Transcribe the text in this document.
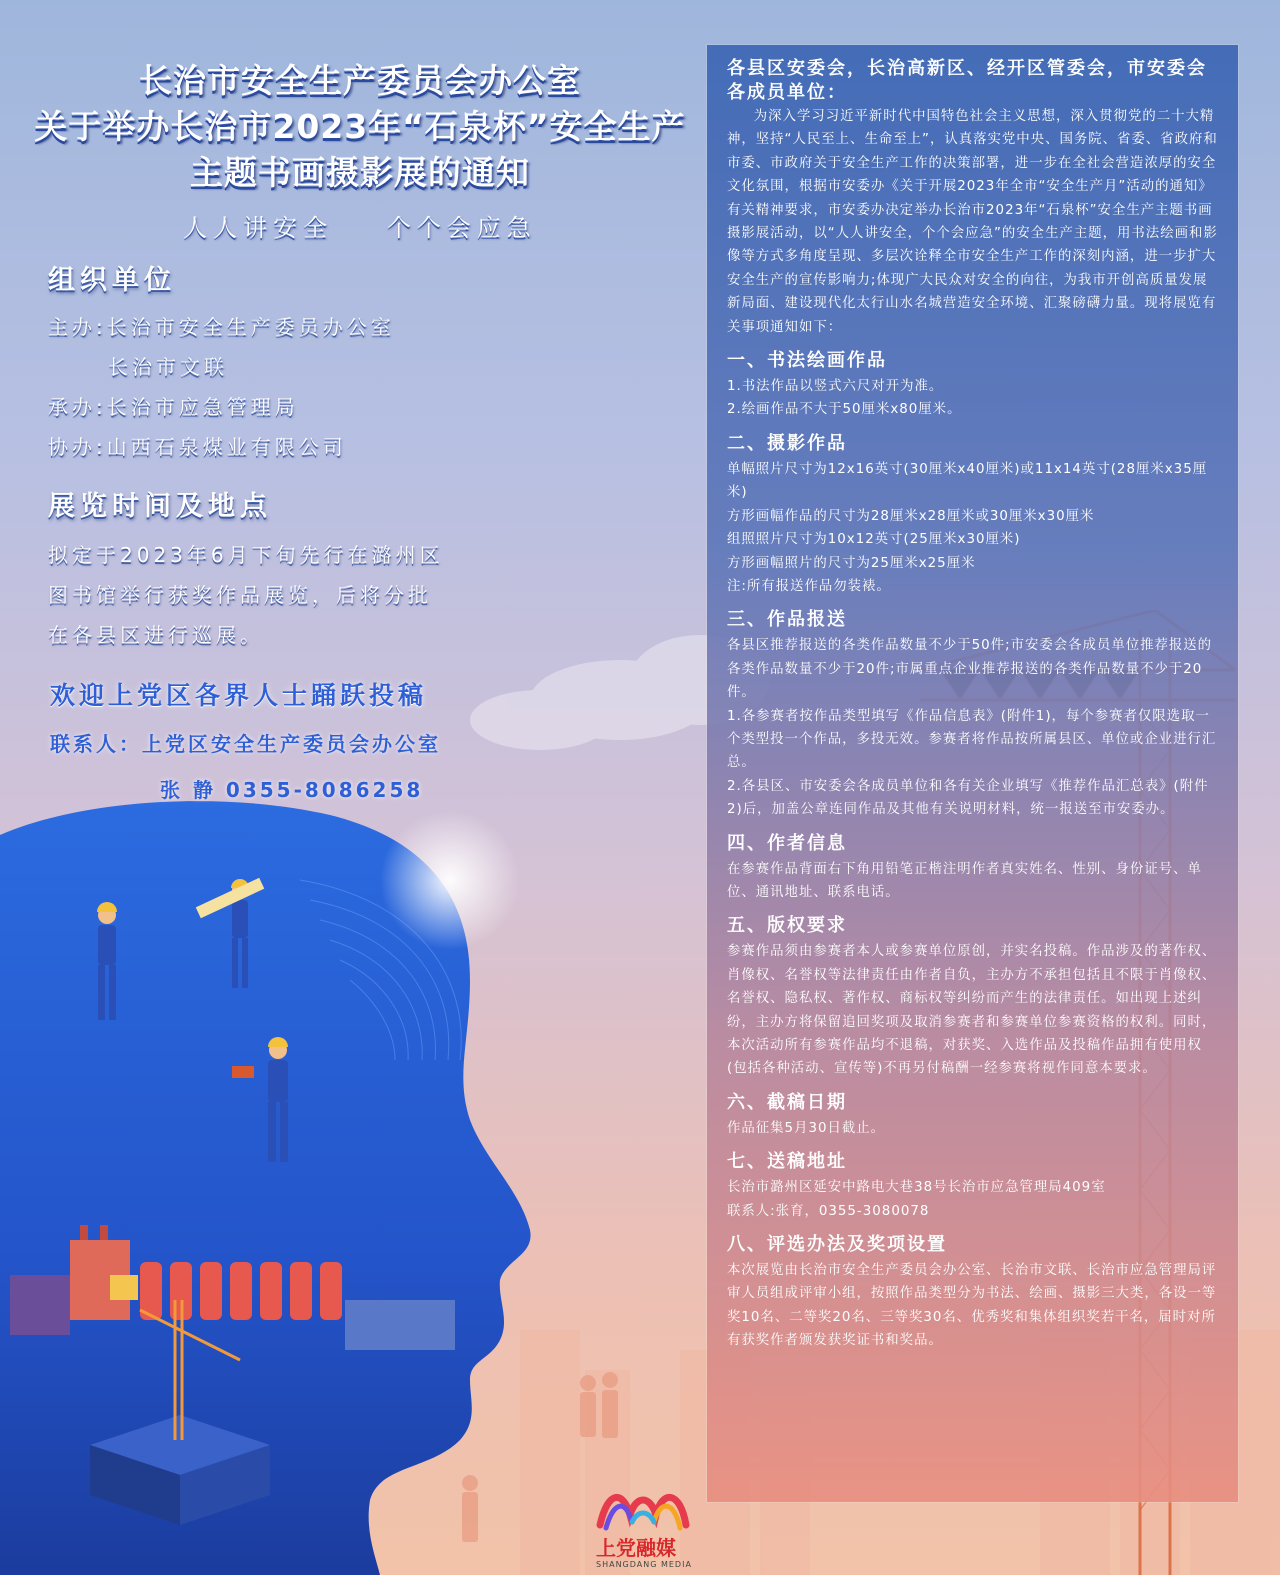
长治市安全生产委员会办公室
关于举办长治市2023年“石泉杯”安全生产
主题书画摄影展的通知
人人讲安全 个个会应急
组织单位
主办:长治市安全生产委员办公室
长治市文联
承办:长治市应急管理局
协办:山西石泉煤业有限公司
展览时间及地点
拟定于2023年6月下旬先行在潞州区
图书馆举行获奖作品展览，后将分批
在各县区进行巡展。
欢迎上党区各界人士踊跃投稿
联系人：上党区安全生产委员会办公室
张 静 0355-8086258
各县区安委会，长治高新区、经开区管委会，市安委会各成员单位：
为深入学习习近平新时代中国特色社会主义思想，深入贯彻党的二十大精神，坚持“人民至上、生命至上”，认真落实党中央、国务院、省委、省政府和市委、市政府关于安全生产工作的决策部署，进一步在全社会营造浓厚的安全文化氛围，根据市安委办《关于开展2023年全市“安全生产月”活动的通知》有关精神要求，市安委办决定举办长治市2023年“石泉杯”安全生产主题书画摄影展活动，以“人人讲安全，个个会应急”的安全生产主题，用书法绘画和影像等方式多角度呈现、多层次诠释全市安全生产工作的深刻内涵，进一步扩大安全生产的宣传影响力;体现广大民众对安全的向往，为我市开创高质量发展新局面、建设现代化太行山水名城营造安全环境、汇聚磅礴力量。现将展览有关事项通知如下：
一、书法绘画作品
1.书法作品以竖式六尺对开为准。
2.绘画作品不大于50厘米x80厘米。
二、摄影作品
单幅照片尺寸为12x16英寸(30厘米x40厘米)或11x14英寸(28厘米x35厘米)
方形画幅作品的尺寸为28厘米x28厘米或30厘米x30厘米
组照照片尺寸为10x12英寸(25厘米x30厘米)
方形画幅照片的尺寸为25厘米x25厘米
注:所有报送作品勿装裱。
三、作品报送
各县区推荐报送的各类作品数量不少于50件;市安委会各成员单位推荐报送的各类作品数量不少于20件;市属重点企业推荐报送的各类作品数量不少于20件。
1.各参赛者按作品类型填写《作品信息表》(附件1)，每个参赛者仅限选取一个类型投一个作品，多投无效。参赛者将作品按所属县区、单位或企业进行汇总。
2.各县区、市安委会各成员单位和各有关企业填写《推荐作品汇总表》(附件2)后，加盖公章连同作品及其他有关说明材料，统一报送至市安委办。
四、作者信息
在参赛作品背面右下角用铅笔正楷注明作者真实姓名、性别、身份证号、单位、通讯地址、联系电话。
五、版权要求
参赛作品须由参赛者本人或参赛单位原创，并实名投稿。作品涉及的著作权、肖像权、名誉权等法律责任由作者自负，主办方不承担包括且不限于肖像权、名誉权、隐私权、著作权、商标权等纠纷而产生的法律责任。如出现上述纠纷，主办方将保留追回奖项及取消参赛者和参赛单位参赛资格的权利。同时，本次活动所有参赛作品均不退稿，对获奖、入选作品及投稿作品拥有使用权(包括各种活动、宣传等)不再另付稿酬一经参赛将视作同意本要求。
六、截稿日期
作品征集5月30日截止。
七、送稿地址
长治市潞州区延安中路电大巷38号长治市应急管理局409室
联系人:张育，0355-3080078
八、评选办法及奖项设置
本次展览由长治市安全生产委员会办公室、长治市文联、长治市应急管理局评审人员组成评审小组，按照作品类型分为书法、绘画、摄影三大类，各设一等奖10名、二等奖20名、三等奖30名、优秀奖和集体组织奖若干名，届时对所有获奖作者颁发获奖证书和奖品。
上党融媒
SHANGDANG MEDIA
